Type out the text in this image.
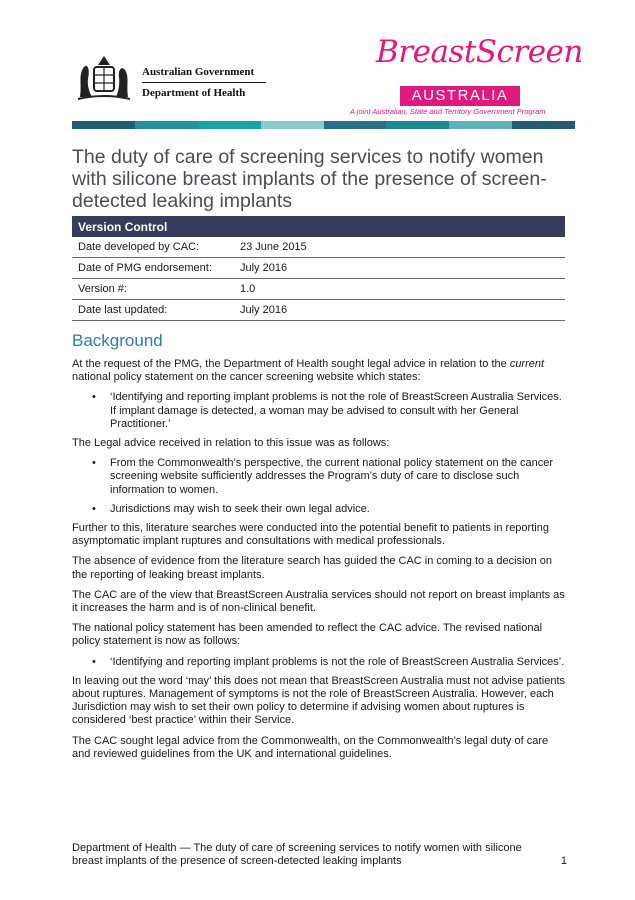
Australian Government
Department of Health
BreastScreen
AUSTRALIA
A joint Australian, State and Territory Government Program
The duty of care of screening services to notify women with silicone breast implants of the presence of screen-detected leaking implants
Version Control	
Date developed by CAC:	23 June 2015
Date of PMG endorsement:	July 2016
Version #:	1.0
Date last updated:	July 2016
Background

At the request of the PMG, the Department of Health sought legal advice in relation to the current national policy statement on the cancer screening website which states:

• ‘Identifying and reporting implant problems is not the role of BreastScreen Australia Services. If implant damage is detected, a woman may be advised to consult with her General Practitioner.’

The Legal advice received in relation to this issue was as follows:

• From the Commonwealth’s perspective, the current national policy statement on the cancer screening website sufficiently addresses the Program’s duty of care to disclose such information to women.
• Jurisdictions may wish to seek their own legal advice.

Further to this, literature searches were conducted into the potential benefit to patients in reporting asymptomatic implant ruptures and consultations with medical professionals.

The absence of evidence from the literature search has guided the CAC in coming to a decision on the reporting of leaking breast implants.

The CAC are of the view that BreastScreen Australia services should not report on breast implants as it increases the harm and is of non-clinical benefit.

The national policy statement has been amended to reflect the CAC advice. The revised national policy statement is now as follows:

• ‘Identifying and reporting implant problems is not the role of BreastScreen Australia Services’.

In leaving out the word ‘may’ this does not mean that BreastScreen Australia must not advise patients about ruptures. Management of symptoms is not the role of BreastScreen Australia. However, each Jurisdiction may wish to set their own policy to determine if advising women about ruptures is considered ‘best practice’ within their Service.

The CAC sought legal advice from the Commonwealth, on the Commonwealth’s legal duty of care and reviewed guidelines from the UK and international guidelines.

Department of Health — The duty of care of screening services to notify women with silicone breast implants of the presence of screen-detected leaking implants	1
